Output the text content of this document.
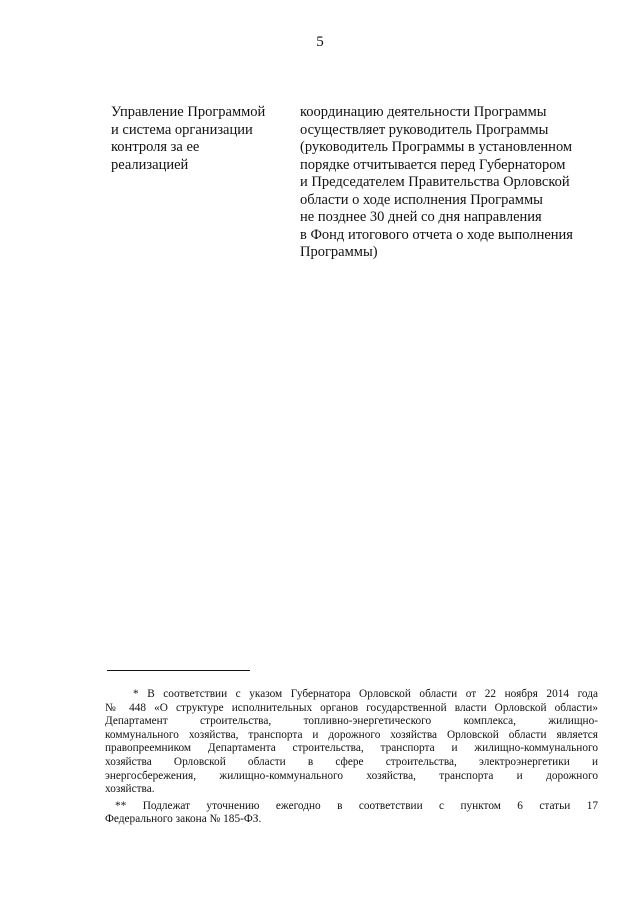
5
Управление Программой
и система организации
контроля за ее
реализацией
координацию деятельности Программы
осуществляет руководитель Программы
(руководитель Программы в установленном
порядке отчитывается перед Губернатором
и Председателем Правительства Орловской
области о ходе исполнения Программы
не позднее 30 дней со дня направления
в Фонд итогового отчета о ходе выполнения
Программы)
* В соответствии с указом Губернатора Орловской области от 22 ноября 2014 года
№ 448 «О структуре исполнительных органов государственной власти Орловской области»
Департамент строительства, топливно-энергетического комплекса, жилищно-
коммунального хозяйства, транспорта и дорожного хозяйства Орловской области является
правопреемником Департамента строительства, транспорта и жилищно-коммунального
хозяйства Орловской области в сфере строительства, электроэнергетики и
энергосбережения, жилищно-коммунального хозяйства, транспорта и дорожного
хозяйства.
** Подлежат уточнению ежегодно в соответствии с пунктом 6 статьи 17
Федерального закона № 185-ФЗ.
